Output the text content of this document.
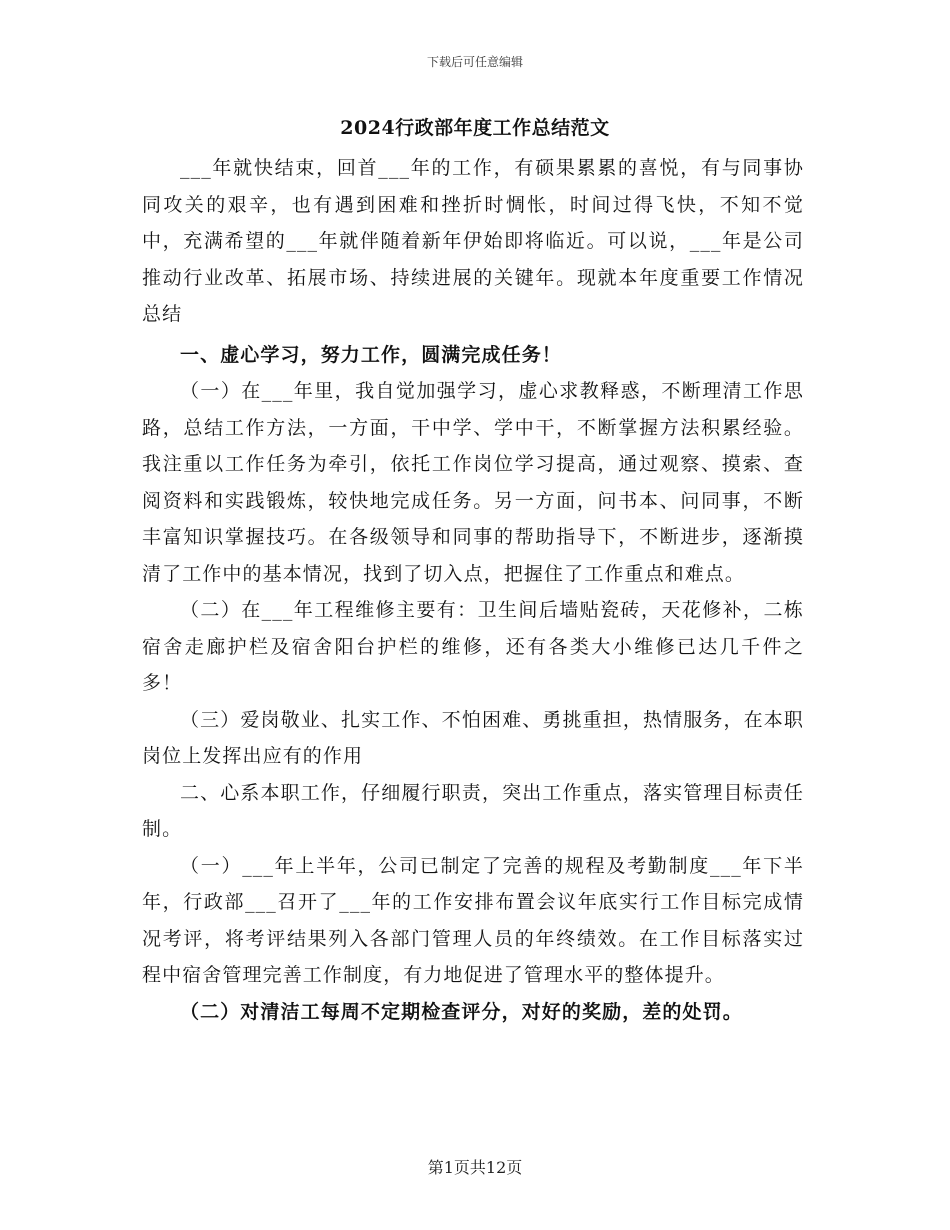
下载后可任意编辑
2024行政部年度工作总结范文

___年就快结束，回首___年的工作，有硕果累累的喜悦，有与同事协同攻关的艰辛，也有遇到困难和挫折时惆怅，时间过得飞快，不知不觉中，充满希望的___年就伴随着新年伊始即将临近。可以说，___年是公司推动行业改革、拓展市场、持续进展的关键年。现就本年度重要工作情况总结

一、虚心学习，努力工作，圆满完成任务！

（一）在___年里，我自觉加强学习，虚心求教释惑，不断理清工作思路，总结工作方法，一方面，干中学、学中干，不断掌握方法积累经验。我注重以工作任务为牵引，依托工作岗位学习提高，通过观察、摸索、查阅资料和实践锻炼，较快地完成任务。另一方面，问书本、问同事，不断丰富知识掌握技巧。在各级领导和同事的帮助指导下，不断进步，逐渐摸清了工作中的基本情况，找到了切入点，把握住了工作重点和难点。

（二）在___年工程维修主要有：卫生间后墙贴瓷砖，天花修补，二栋宿舍走廊护栏及宿舍阳台护栏的维修，还有各类大小维修已达几千件之多！

（三）爱岗敬业、扎实工作、不怕困难、勇挑重担，热情服务，在本职岗位上发挥出应有的作用

二、心系本职工作，仔细履行职责，突出工作重点，落实管理目标责任制。

（一）___年上半年，公司已制定了完善的规程及考勤制度___年下半年，行政部___召开了___年的工作安排布置会议年底实行工作目标完成情况考评，将考评结果列入各部门管理人员的年终绩效。在工作目标落实过程中宿舍管理完善工作制度，有力地促进了管理水平的整体提升。

（二）对清洁工每周不定期检查评分，对好的奖励，差的处罚。

第1页共12页
